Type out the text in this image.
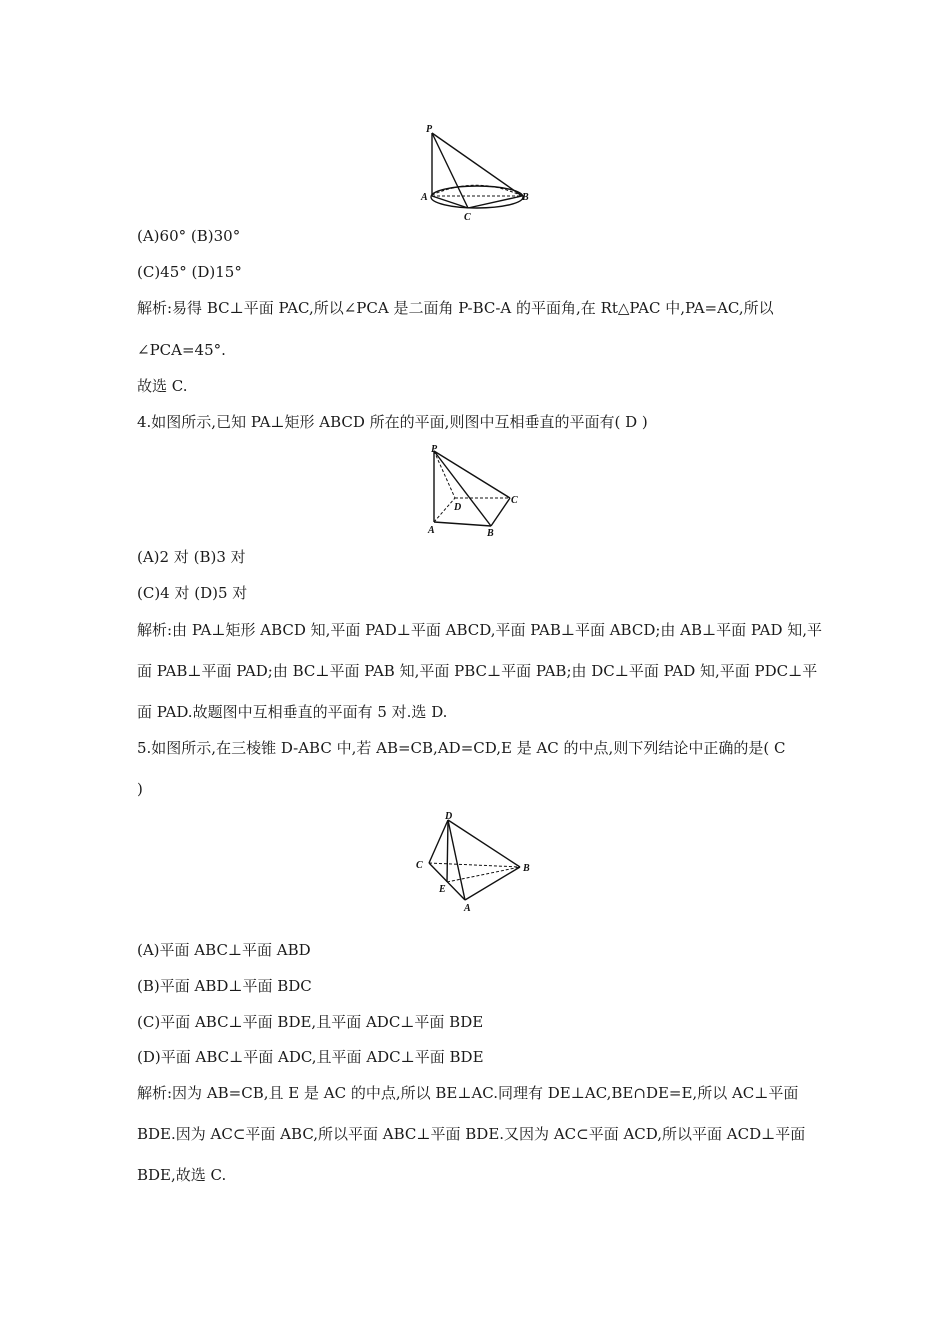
P
A	B
C
(A)60° (B)30°
(C)45° (D)15°
解析:易得 BC⊥平面 PAC,所以∠PCA 是二面角 P-BC-A 的平面角,在 Rt△PAC 中,PA=AC,所以
∠PCA=45°.
故选 C.
4.如图所示,已知 PA⊥矩形 ABCD 所在的平面,则图中互相垂直的平面有( D )
P
A	B
C
D
(A)2 对 (B)3 对
(C)4 对 (D)5 对
解析:由 PA⊥矩形 ABCD 知,平面 PAD⊥平面 ABCD,平面 PAB⊥平面 ABCD;由 AB⊥平面 PAD 知,平
面 PAB⊥平面 PAD;由 BC⊥平面 PAB 知,平面 PBC⊥平面 PAB;由 DC⊥平面 PAD 知,平面 PDC⊥平
面 PAD.故题图中互相垂直的平面有 5 对.选 D.
5.如图所示,在三棱锥 D-ABC 中,若 AB=CB,AD=CD,E 是 AC 的中点,则下列结论中正确的是( C
)
D
C	B
E
A
(A)平面 ABC⊥平面 ABD
(B)平面 ABD⊥平面 BDC
(C)平面 ABC⊥平面 BDE,且平面 ADC⊥平面 BDE
(D)平面 ABC⊥平面 ADC,且平面 ADC⊥平面 BDE
解析:因为 AB=CB,且 E 是 AC 的中点,所以 BE⊥AC.同理有 DE⊥AC,BE∩DE=E,所以 AC⊥平面
BDE.因为 AC⊂平面 ABC,所以平面 ABC⊥平面 BDE.又因为 AC⊂平面 ACD,所以平面 ACD⊥平面
BDE,故选 C.
